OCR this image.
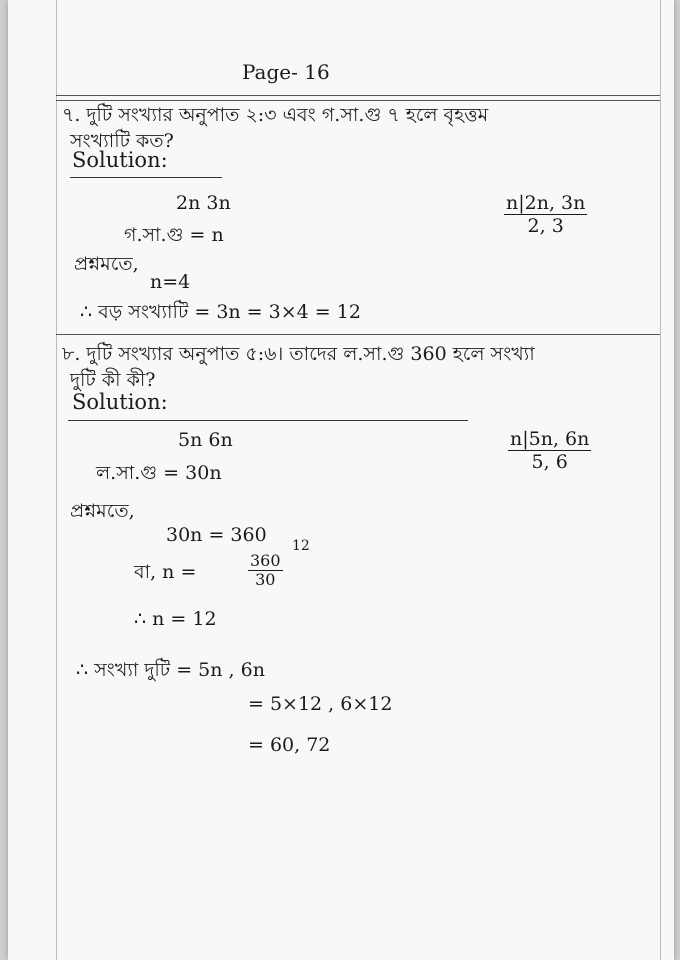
Page- 16
৭. দুটি সংখ্যার অনুপাত ২:৩ এবং গ.সা.গু ৭ হলে বৃহত্তম
সংখ্যাটি কত?
Solution:
2n 3n
গ.সা.গু = n	$\frac{n|2n, 3n}{2, 3}$
প্রশ্নমতে,
n=4
∴ বড় সংখ্যাটি = 3n = 3×4 = 12
৮. দুটি সংখ্যার অনুপাত ৫:৬। তাদের ল.সা.গু 360 হলে সংখ্যা
দুটি কী কী?
Solution:
5n 6n
ল.সা.গু = 30n	$\frac{n|5n, 6n}{5, 6}$
প্রশ্নমতে,
30n = 360
বা, n =	$\frac{360}{30}$
12
∴ n = 12
∴ সংখ্যা দুটি = 5n , 6n
= 5×12 , 6×12
= 60, 72
